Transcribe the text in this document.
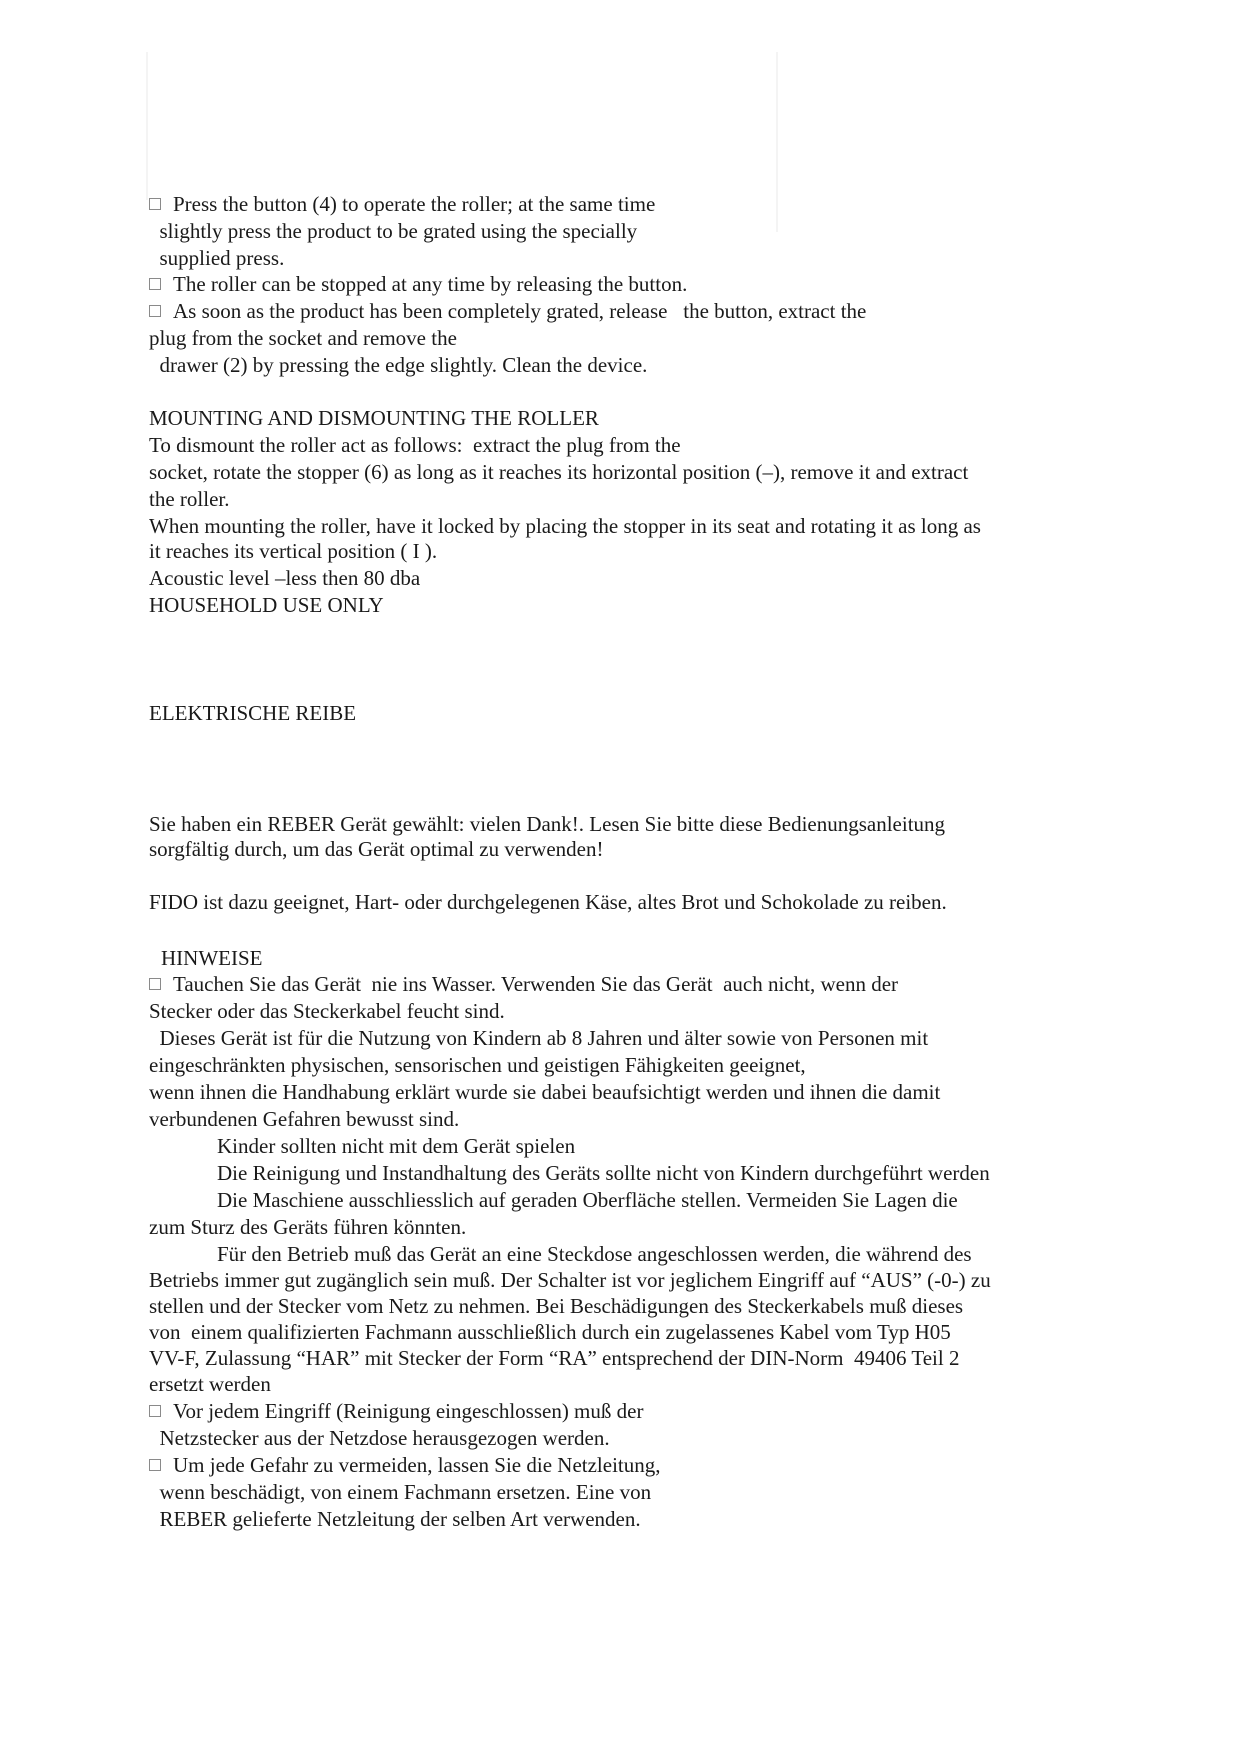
Press the button (4) to operate the roller; at the same time
slightly press the product to be grated using the specially
supplied press.
The roller can be stopped at any time by releasing the button.
As soon as the product has been completely grated, release   the button, extract the
plug from the socket and remove the
drawer (2) by pressing the edge slightly. Clean the device.
MOUNTING AND DISMOUNTING THE ROLLER
To dismount the roller act as follows:  extract the plug from the
socket, rotate the stopper (6) as long as it reaches its horizontal position (–), remove it and extract
the roller.
When mounting the roller, have it locked by placing the stopper in its seat and rotating it as long as
it reaches its vertical position ( I ).
Acoustic level –less then 80 dba
HOUSEHOLD USE ONLY
ELEKTRISCHE REIBE
Sie haben ein REBER Gerät gewählt: vielen Dank!. Lesen Sie bitte diese Bedienungsanleitung
sorgfältig durch, um das Gerät optimal zu verwenden!
FIDO ist dazu geeignet, Hart- oder durchgelegenen Käse, altes Brot und Schokolade zu reiben.
HINWEISE
Tauchen Sie das Gerät  nie ins Wasser. Verwenden Sie das Gerät  auch nicht, wenn der
Stecker oder das Steckerkabel feucht sind.
Dieses Gerät ist für die Nutzung von Kindern ab 8 Jahren und älter sowie von Personen mit
eingeschränkten physischen, sensorischen und geistigen Fähigkeiten geeignet,
wenn ihnen die Handhabung erklärt wurde sie dabei beaufsichtigt werden und ihnen die damit
verbundenen Gefahren bewusst sind.
Kinder sollten nicht mit dem Gerät spielen
Die Reinigung und Instandhaltung des Geräts sollte nicht von Kindern durchgeführt werden
Die Maschiene ausschliesslich auf geraden Oberfläche stellen. Vermeiden Sie Lagen die
zum Sturz des Geräts führen könnten.
Für den Betrieb muß das Gerät an eine Steckdose angeschlossen werden, die während des
Betriebs immer gut zugänglich sein muß. Der Schalter ist vor jeglichem Eingriff auf “AUS” (-0-) zu
stellen und der Stecker vom Netz zu nehmen. Bei Beschädigungen des Steckerkabels muß dieses
von  einem qualifizierten Fachmann ausschließlich durch ein zugelassenes Kabel vom Typ H05
VV-F, Zulassung “HAR” mit Stecker der Form “RA” entsprechend der DIN-Norm  49406 Teil 2
ersetzt werden
Vor jedem Eingriff (Reinigung eingeschlossen) muß der
Netzstecker aus der Netzdose herausgezogen werden.
Um jede Gefahr zu vermeiden, lassen Sie die Netzleitung,
wenn beschädigt, von einem Fachmann ersetzen. Eine von
REBER gelieferte Netzleitung der selben Art verwenden.
